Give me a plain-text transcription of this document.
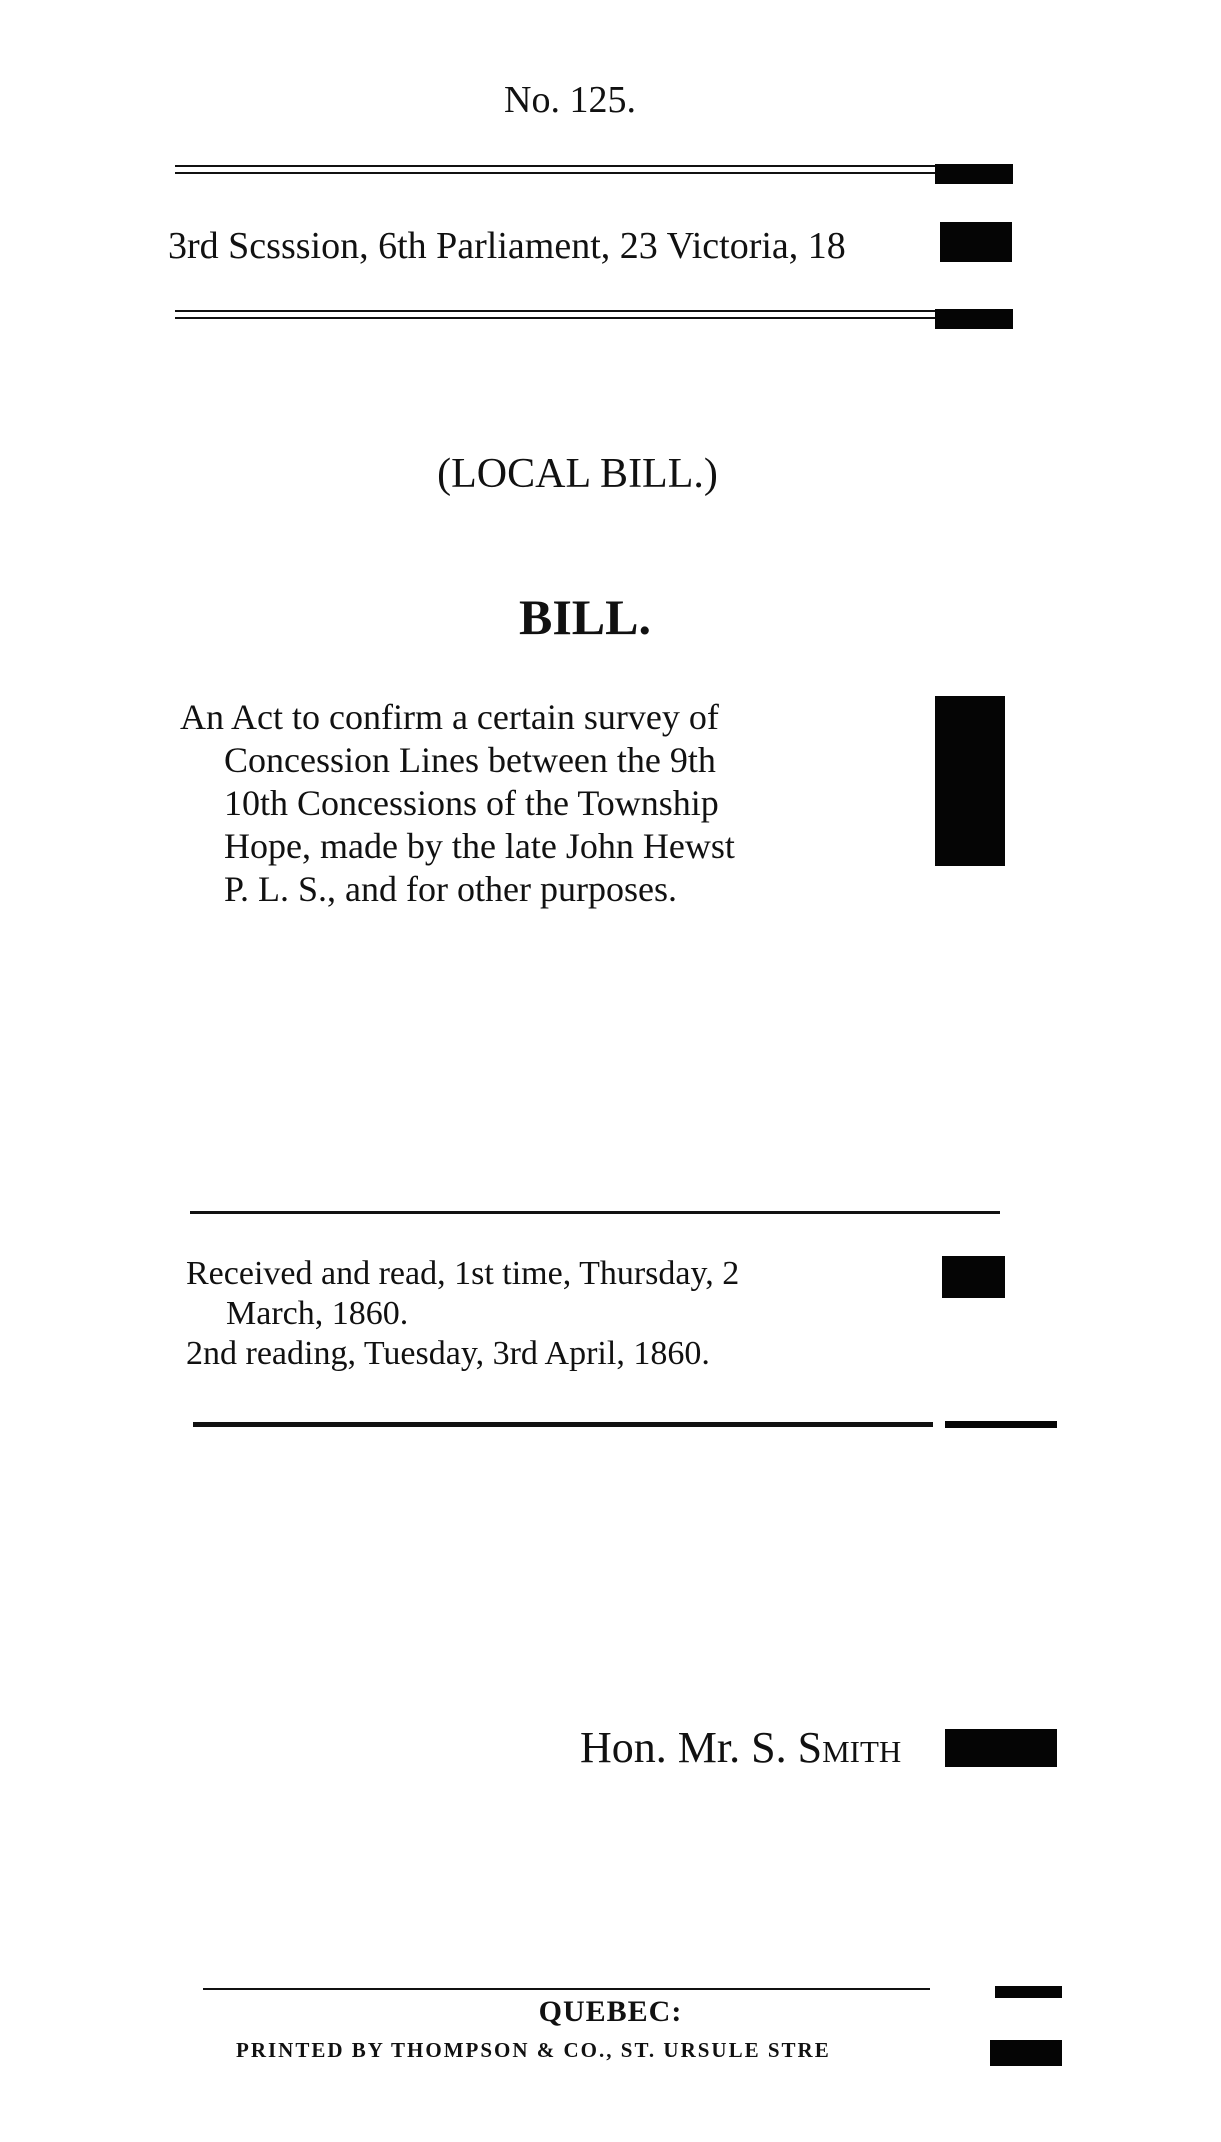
No. 125.
3rd Scsssion, 6th Parliament, 23 Victoria, 18
(LOCAL BILL.)
BILL.
An Act to confirm a certain survey of
Concession Lines between the 9th
10th Concessions of the Township
Hope, made by the late John Hewst
P. L. S., and for other purposes.
Received and read, 1st time, Thursday, 2
March, 1860.
2nd reading, Tuesday, 3rd April, 1860.
Hon. Mr. S. Smith
QUEBEC:
PRINTED BY THOMPSON & CO., ST. URSULE STRE
